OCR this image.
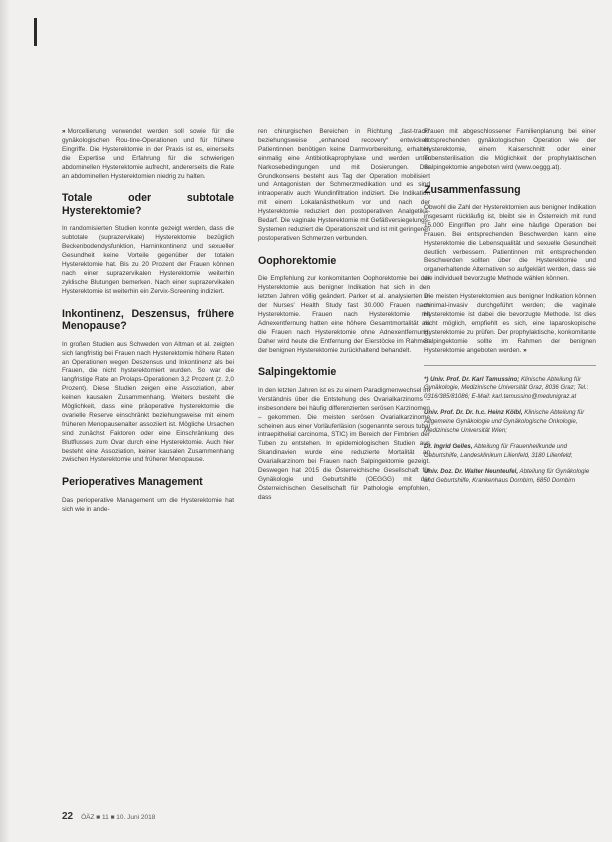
» Morcellierung verwendet werden soll sowie für die gynäkologischen Rou-tine-Operationen und für frühere Eingriffe. Die Hysterektomie in der Praxis ist es, einerseits die Expertise und Erfahrung für die schwierigen abdominellen Hysterektomie aufrecht, andererseits die Rate an abdominellen Hysterektomien niedrig zu halten.

Totale oder subtotale Hysterektomie?

In randomisierten Studien konnte gezeigt werden, dass die subtotale (suprazervikale) Hysterektomie bezüglich Beckenbodendysfunktion, Harninkontinenz und sexueller Gesundheit keine Vorteile gegenüber der totalen Hysterektomie hat. Bis zu 20 Prozent der Frauen können nach einer suprazervikalen Hysterektomie weiterhin zyklische Blutungen bemerken. Nach einer suprazervikalen Hysterektomie ist weiterhin ein Zervix-Screening indiziert.

Inkontinenz, Deszensus, frühere Menopause?

In großen Studien aus Schweden von Altman et al. zeigten sich langfristig bei Frauen nach Hysterektomie höhere Raten an Operationen wegen Deszensus und Inkontinenz als bei Frauen, die nicht hysterektomiert wurden. So war die langfristige Rate an Prolaps-Operationen 3,2 Prozent (z. 2,0 Prozent). Diese Studien zeigen eine Assoziation, aber keinen kausalen Zusammenhang. Weiters besteht die Möglichkeit, dass eine präoperative hysterektomie die ovarielle Reserve einschränkt beziehungsweise mit einem früheren Menopausenalter assoziiert ist. Mögliche Ursachen sind zunächst Faktoren oder eine Einschränkung des Blutflusses zum Ovar durch eine Hysterektomie. Auch hier besteht eine Assoziation, keiner kausalen Zusammenhang zwischen Hysterektomie und früherer Menopause.

Perioperatives Management

Das perioperative Management um die Hysterektomie hat sich wie in ande-

ren chirurgischen Bereichen in Richtung „fast-track“ beziehungsweise „enhanced recovery“ entwickelt. Patientinnen benötigen keine Darmvorbereitung, erhalten einmalig eine Antibiotikaprophylaxe und werden unter Narkosebedingungen und mit Dosierungen. Der Grundkonsens besteht aus Tag der Operation mobilisiert und Antagonisten der Schmerzmedikation und es sind intraoperativ auch Wundinfiltration indiziert. Die Indikation mit einem Lokalanästhetikum vor und nach der Hysterektomie reduziert den postoperativen Analgetika-Bedarf. Die vaginale Hysterektomie mit Gefäßversiegelungs-Systemen reduziert die Operationszeit und ist mit geringeren postoperativen Schmerzen verbunden.

Oophorektomie

Die Empfehlung zur konkomitanten Oophorektomie bei der Hysterektomie aus benigner Indikation hat sich in den letzten Jahren völlig geändert. Parker et al. analysierten in der Nurses' Health Study fast 30.000 Frauen nach Hysterektomie. Frauen nach Hysterektomie mit Adnexentfernung hatten eine höhere Gesamtmortalität als die Frauen nach Hysterektomie ohne Adnexentfernung. Daher wird heute die Entfernung der Eierstöcke im Rahmen der benignen Hysterektomie zurückhaltend behandelt.

Salpingektomie

In den letzten Jahren ist es zu einem Paradigmenwechsel im Verständnis über die Entstehung des Ovarialkarzinoms – insbesondere bei häufig differenzierten serösen Karzinomen – gekommen. Die meisten serösen Ovarialkarzinome scheinen aus einer Vorläuferläsion (sogenannte serous tubal intraepithelial carcinoma, STIC) im Bereich der Fimbrien der Tuben zu entstehen. In epidemiologischen Studien aus Skandinavien wurde eine reduzierte Mortalität an Ovarialkarzinom bei Frauen nach Salpingektomie gezeigt. Deswegen hat 2015 die Österreichische Gesellschaft für Gynäkologie und Geburtshilfe (OEGGG) mit der Österreichischen Gesellschaft für Pathologie empfohlen, dass

Frauen mit abgeschlossener Familienplanung bei einer entsprechenden gynäkologischen Operation wie der Hysterektomie, einem Kaiserschnitt oder einer Tubensterilisation die Möglichkeit der prophylaktischen Salpingektomie angeboten wird (www.oeggg.at).

Zusammenfassung

Obwohl die Zahl der Hysterektomien aus benigner Indikation insgesamt rückläufig ist, bleibt sie in Österreich mit rund 15.000 Eingriffen pro Jahr eine häufige Operation bei Frauen. Bei entsprechenden Beschwerden kann eine Hysterektomie die Lebensqualität und sexuelle Gesundheit deutlich verbessern. Patientinnen mit entsprechenden Beschwerden sollten über die Hysterektomie und organerhaltende Alternativen so aufgeklärt werden, dass sie die individuell bevorzugte Methode wählen können.

Die meisten Hysterektomien aus benigner Indikation können minimal-invasiv durchgeführt werden; die vaginale Hysterektomie ist dabei die bevorzugte Methode. Ist dies nicht möglich, empfiehlt es sich, eine laparoskopische Hysterektomie zu prüfen. Der prophylaktische, konkomitante Salpingektomie sollte im Rahmen der benignen Hysterektomie angeboten werden. »

*) Univ. Prof. Dr. Karl Tamussino; Klinische Abteilung für Gynäkologie, Medizinische Universität Graz, 8036 Graz; Tel.: 0316/385/81086; E-Mail: karl.tamussino@medunigraz.at

Univ. Prof. Dr. Dr. h.c. Heinz Kölbl, Klinische Abteilung für Allgemeine Gynäkologie und Gynäkologische Onkologie, Medizinische Universität Wien;

Dr. Ingrid Gelles, Abteilung für Frauenheilkunde und Geburtshilfe, Landesklinikum Lilienfeld, 3180 Lilienfeld;

Univ. Doz. Dr. Walter Neunteufel, Abteilung für Gynäkologie und Geburtshilfe, Krankenhaus Dornbirn, 6850 Dornbirn

22 ÖÄZ ■ 11 ■ 10. Juni 2018
